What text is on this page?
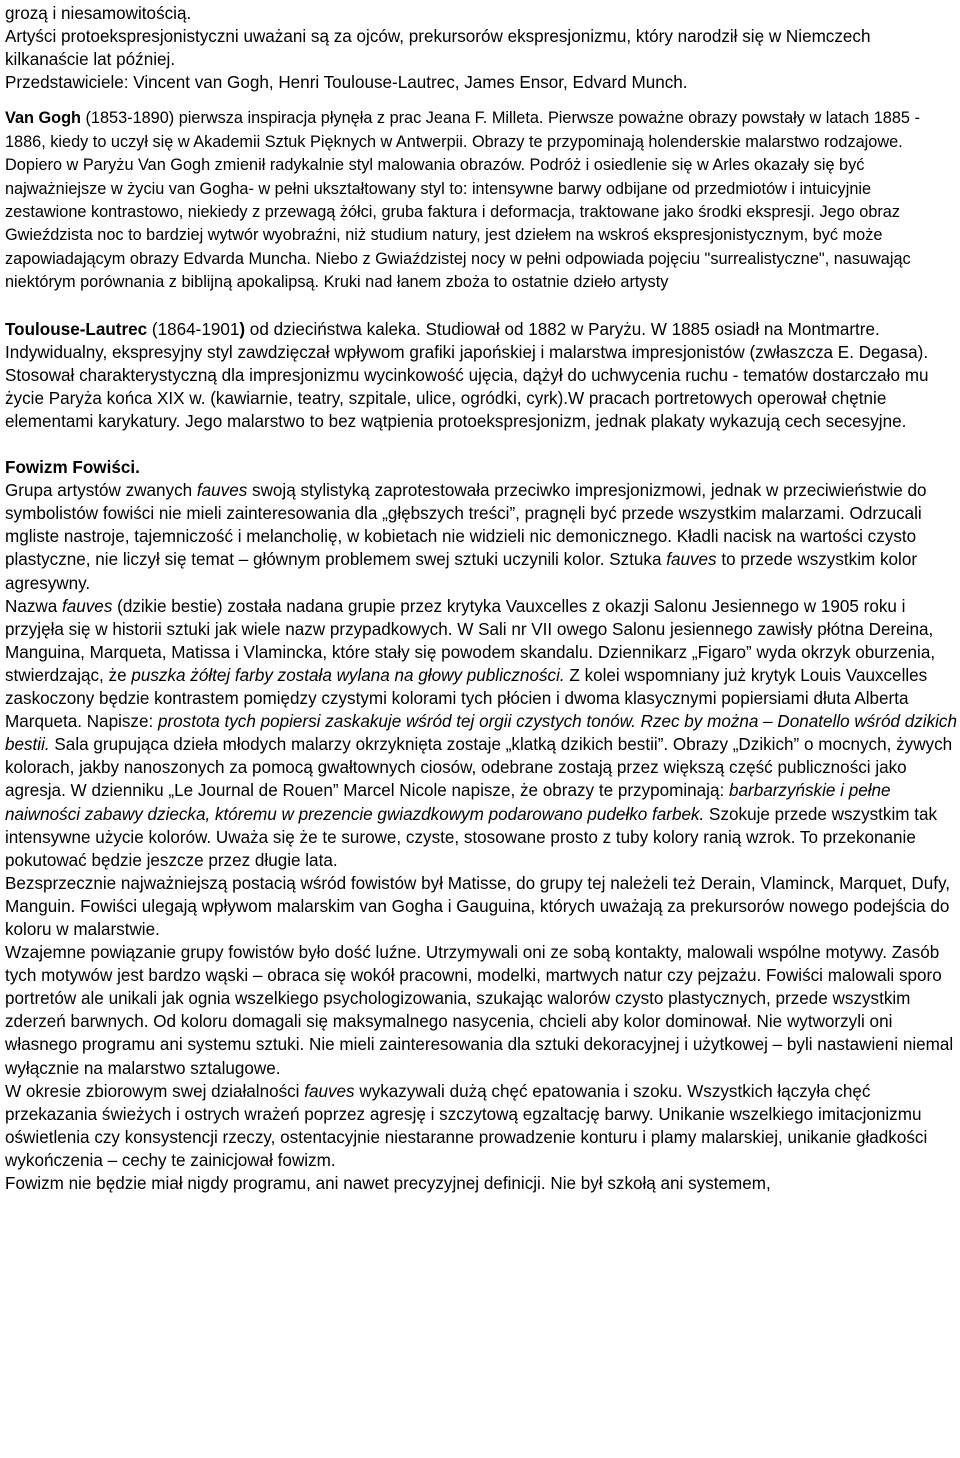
grozą i niesamowitością.

Artyści protoekspresjonistyczni uważani są za ojców, prekursorów ekspresjonizmu, który narodził się w Niemczech kilkanaście lat później.

Przedstawiciele: Vincent van Gogh, Henri Toulouse-Lautrec, James Ensor, Edvard Munch.

Van Gogh (1853-1890) pierwsza inspiracja płynęła z prac Jeana F. Milleta. Pierwsze poważne obrazy powstały w latach 1885 - 1886, kiedy to uczył się w Akademii Sztuk Pięknych w Antwerpii. Obrazy te przypominają holenderskie malarstwo rodzajowe. Dopiero w Paryżu Van Gogh zmienił radykalnie styl malowania obrazów. Podróż i osiedlenie się w Arles okazały się być najważniejsze w życiu van Gogha- w pełni ukształtowany styl to: intensywne barwy odbijane od przedmiotów i intuicyjnie zestawione kontrastowo, niekiedy z przewagą żółci, gruba faktura i deformacja, traktowane jako środki ekspresji. Jego obraz Gwieździsta noc to bardziej wytwór wyobraźni, niż studium natury, jest dziełem na wskroś ekspresjonistycznym, być może zapowiadającym obrazy Edvarda Muncha. Niebo z Gwiaździstej nocy w pełni odpowiada pojęciu "surrealistyczne", nasuwając niektórym porównania z biblijną apokalipsą. Kruki nad łanem zboża to ostatnie dzieło artysty

Toulouse-Lautrec (1864-1901) od dzieciństwa kaleka. Studiował od 1882 w Paryżu. W 1885 osiadł na Montmartre. Indywidualny, ekspresyjny styl zawdzięczał wpływom grafiki japońskiej i malarstwa impresjonistów (zwłaszcza E. Degasa). Stosował charakterystyczną dla impresjonizmu wycinkowość ujęcia, dążył do uchwycenia ruchu - tematów dostarczało mu życie Paryża końca XIX w. (kawiarnie, teatry, szpitale, ulice, ogródki, cyrk).W pracach portretowych operował chętnie elementami karykatury. Jego malarstwo to bez wątpienia protoekspresjonizm, jednak plakaty wykazują cech secesyjne.

Fowizm Fowiści.

Grupa artystów zwanych fauves swoją stylistyką zaprotestowała przeciwko impresjonizmowi, jednak w przeciwieństwie do symbolistów fowiści nie mieli zainteresowania dla „głębszych treści”, pragnęli być przede wszystkim malarzami. Odrzucali mgliste nastroje, tajemniczość i melancholię, w kobietach nie widzieli nic demonicznego. Kładli nacisk na wartości czysto plastyczne, nie liczył się temat – głównym problemem swej sztuki uczynili kolor. Sztuka fauves to przede wszystkim kolor agresywny.

Nazwa fauves (dzikie bestie) została nadana grupie przez krytyka Vauxcelles z okazji Salonu Jesiennego w 1905 roku i przyjęła się w historii sztuki jak wiele nazw przypadkowych. W Sali nr VII owego Salonu jesiennego zawisły płótna Dereina, Manguina, Marqueta, Matissa i Vlamincka, które stały się powodem skandalu. Dziennikarz „Figaro” wyda okrzyk oburzenia, stwierdzając, że puszka żółtej farby została wylana na głowy publiczności. Z kolei wspomniany już krytyk Louis Vauxcelles zaskoczony będzie kontrastem pomiędzy czystymi kolorami tych płócien i dwoma klasycznymi popiersiami dłuta Alberta Marqueta. Napisze: prostota tych popiersi zaskakuje wśród tej orgii czystych tonów. Rzec by można – Donatello wśród dzikich bestii. Sala grupująca dzieła młodych malarzy okrzyknięta zostaje „klatką dzikich bestii”. Obrazy „Dzikich” o mocnych, żywych kolorach, jakby nanoszonych za pomocą gwałtownych ciosów, odebrane zostają przez większą część publiczności jako agresja. W dzienniku „Le Journal de Rouen” Marcel Nicole napisze, że obrazy te przypominają: barbarzyńskie i pełne naiwności zabawy dziecka, któremu w prezencie gwiazdkowym podarowano pudełko farbek. Szokuje przede wszystkim tak intensywne użycie kolorów. Uważa się że te surowe, czyste, stosowane prosto z tuby kolory ranią wzrok. To przekonanie pokutować będzie jeszcze przez długie lata.

Bezsprzecznie najważniejszą postacią wśród fowistów był Matisse, do grupy tej należeli też Derain, Vlaminck, Marquet, Dufy, Manguin. Fowiści ulegają wpływom malarskim van Gogha i Gauguina, których uważają za prekursorów nowego podejścia do koloru w malarstwie.

Wzajemne powiązanie grupy fowistów było dość luźne. Utrzymywali oni ze sobą kontakty, malowali wspólne motywy. Zasób tych motywów jest bardzo wąski – obraca się wokół pracowni, modelki, martwych natur czy pejzażu. Fowiści malowali sporo portretów ale unikali jak ognia wszelkiego psychologizowania, szukając walorów czysto plastycznych, przede wszystkim zderzeń barwnych. Od koloru domagali się maksymalnego nasycenia, chcieli aby kolor dominował. Nie wytworzyli oni własnego programu ani systemu sztuki. Nie mieli zainteresowania dla sztuki dekoracyjnej i użytkowej – byli nastawieni niemal wyłącznie na malarstwo sztalugowe.

W okresie zbiorowym swej działalności fauves wykazywali dużą chęć epatowania i szoku. Wszystkich łączyła chęć przekazania świeżych i ostrych wrażeń poprzez agresję i szczytową egzaltację barwy. Unikanie wszelkiego imitacjonizmu oświetlenia czy konsystencji rzeczy, ostentacyjnie niestaranne prowadzenie konturu i plamy malarskiej, unikanie gładkości wykończenia – cechy te zainicjował fowizm.

Fowizm nie będzie miał nigdy programu, ani nawet precyzyjnej definicji. Nie był szkołą ani systemem,
